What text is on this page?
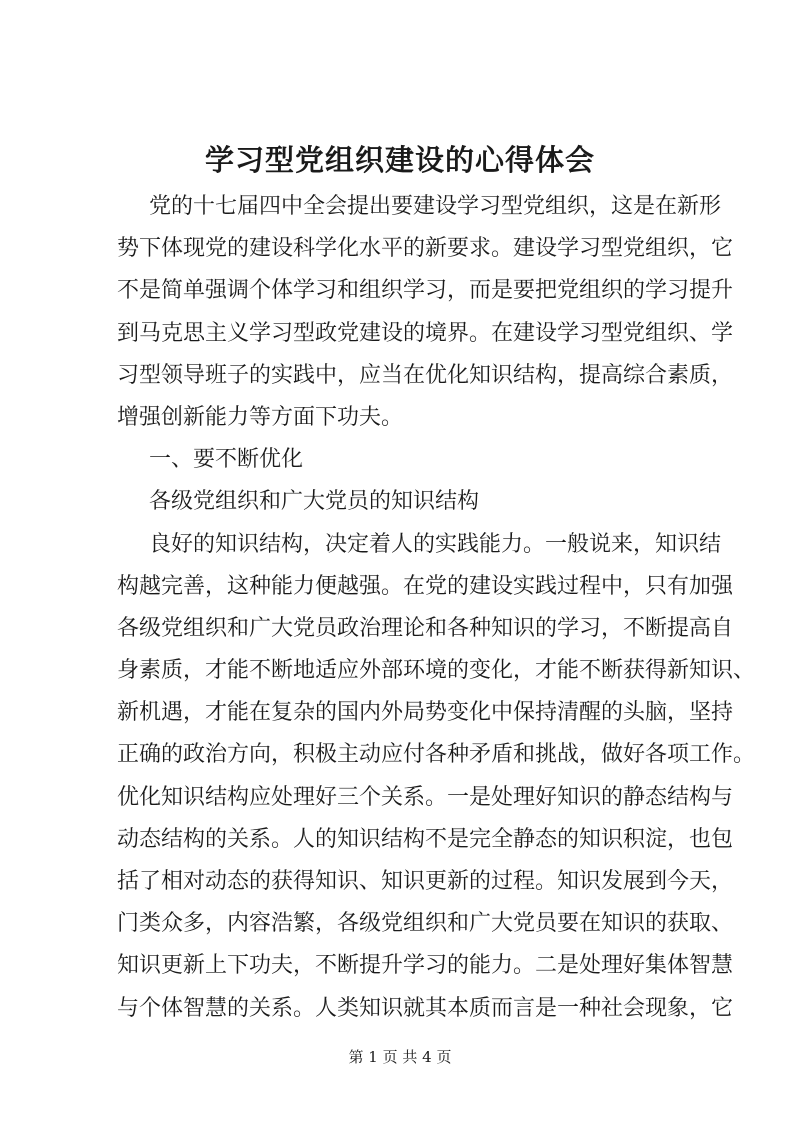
学习型党组织建设的心得体会
党的十七届四中全会提出要建设学习型党组织，这是在新形
势下体现党的建设科学化水平的新要求。建设学习型党组织，它
不是简单强调个体学习和组织学习，而是要把党组织的学习提升
到马克思主义学习型政党建设的境界。在建设学习型党组织、学
习型领导班子的实践中，应当在优化知识结构，提高综合素质，
增强创新能力等方面下功夫。
一、要不断优化
各级党组织和广大党员的知识结构
良好的知识结构，决定着人的实践能力。一般说来，知识结
构越完善，这种能力便越强。在党的建设实践过程中，只有加强
各级党组织和广大党员政治理论和各种知识的学习，不断提高自
身素质，才能不断地适应外部环境的变化，才能不断获得新知识、
新机遇，才能在复杂的国内外局势变化中保持清醒的头脑，坚持
正确的政治方向，积极主动应付各种矛盾和挑战，做好各项工作。
优化知识结构应处理好三个关系。一是处理好知识的静态结构与
动态结构的关系。人的知识结构不是完全静态的知识积淀，也包
括了相对动态的获得知识、知识更新的过程。知识发展到今天，
门类众多，内容浩繁，各级党组织和广大党员要在知识的获取、
知识更新上下功夫，不断提升学习的能力。二是处理好集体智慧
与个体智慧的关系。人类知识就其本质而言是一种社会现象，它
第 1 页 共 4 页
